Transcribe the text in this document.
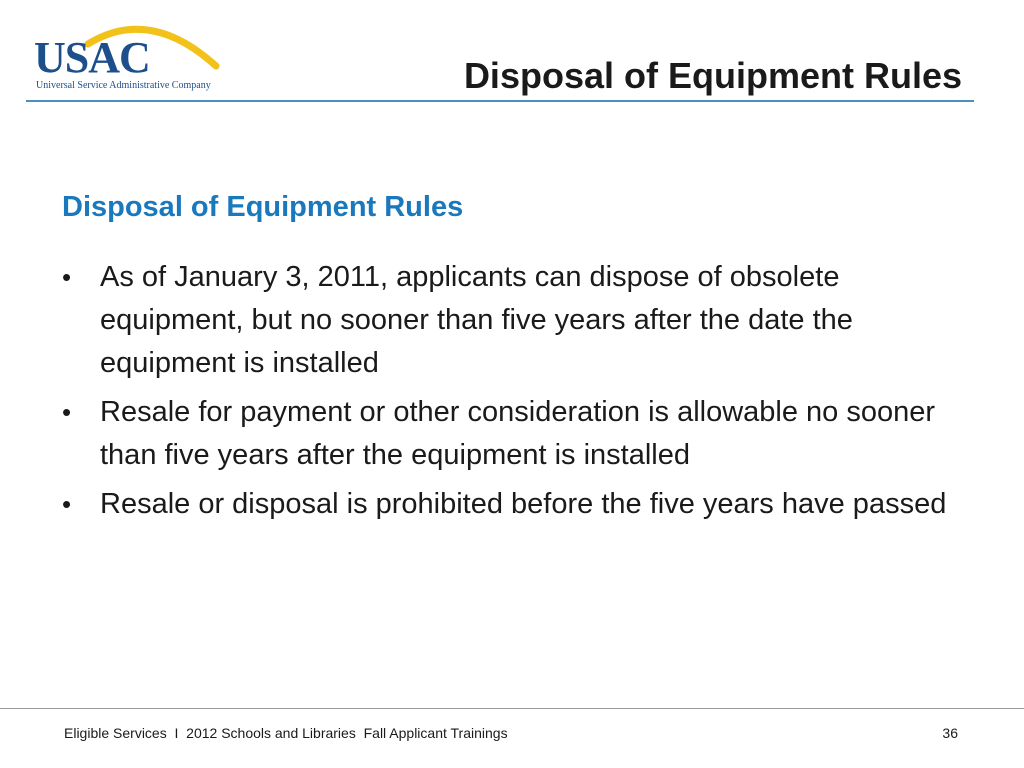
USAC
Universal Service Administrative Company	Disposal of Equipment Rules
Disposal of Equipment Rules
• As of January 3, 2011, applicants can dispose of obsolete equipment, but no sooner than five years after the date the equipment is installed
• Resale for payment or other consideration is allowable no sooner than five years after the equipment is installed
• Resale or disposal is prohibited before the five years have passed
Eligible Services  I  2012 Schools and Libraries  Fall Applicant Trainings	36
